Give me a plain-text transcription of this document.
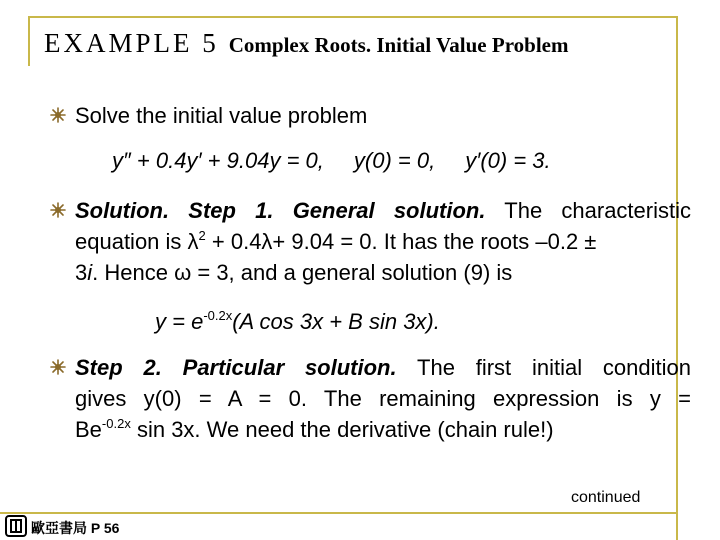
EXAMPLE 5 Complex Roots. Initial Value Problem
Solve the initial value problem
y″ + 0.4y′ + 9.04y = 0, y(0) = 0, y′(0) = 3.
Solution. Step 1. General solution. The characteristic
equation is $\lambda^2 + 0.4\lambda+ 9.04 = 0$. It has the roots –0.2 ±
3i. Hence ω = 3, and a general solution (9) is
$y = e^{-0.2x}(A$ cos 3x + B sin 3x).
Step 2. Particular solution. The first initial condition
gives y(0) = A = 0. The remaining expression is y =
$Be^{-0.2x}$ sin 3x. We need the derivative (chain rule!)
continued
歐亞書局 P 56
